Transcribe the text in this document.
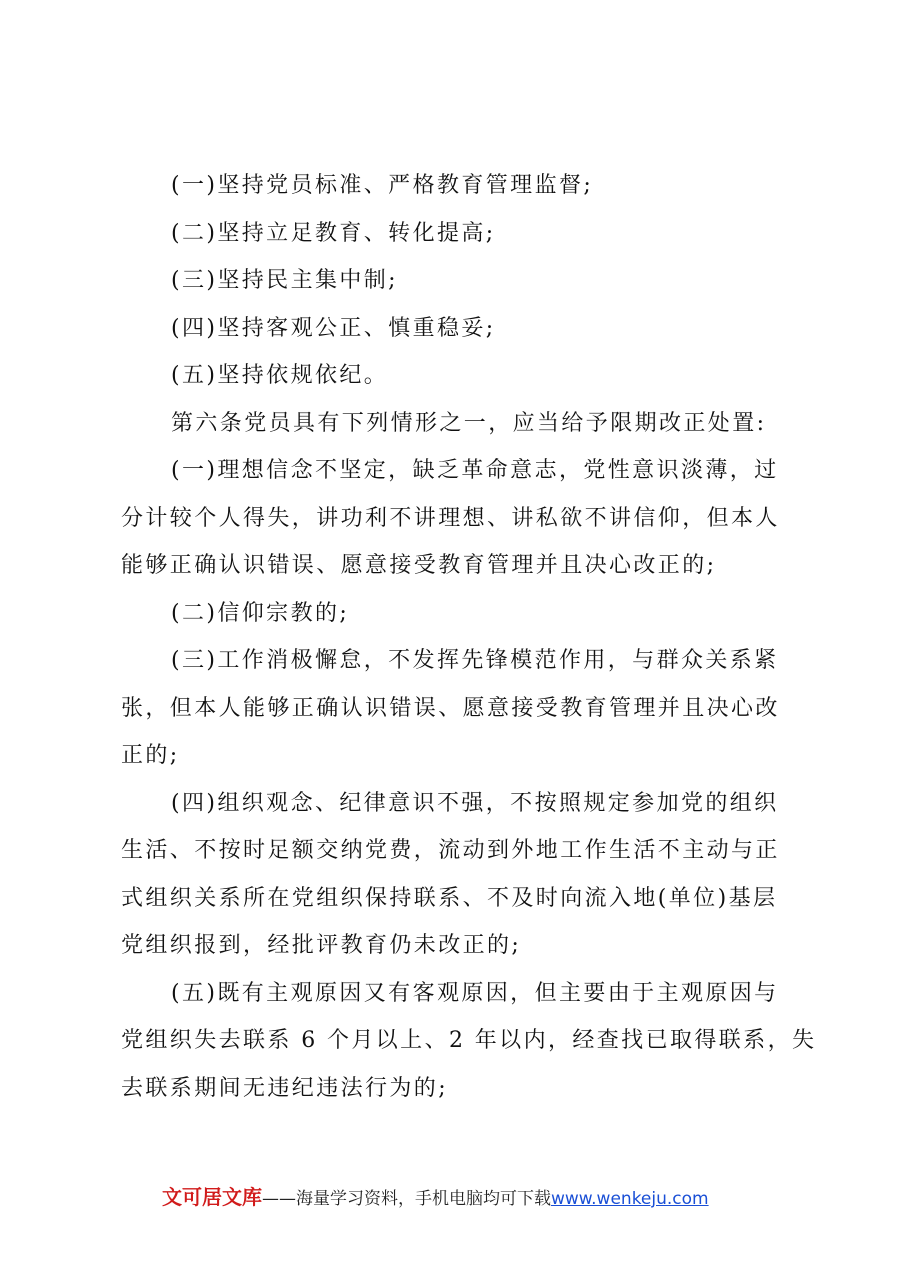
(一)坚持党员标准、严格教育管理监督;
(二)坚持立足教育、转化提高;
(三)坚持民主集中制;
(四)坚持客观公正、慎重稳妥;
(五)坚持依规依纪。
第六条党员具有下列情形之一，应当给予限期改正处置:
(一)理想信念不坚定，缺乏革命意志，党性意识淡薄，过
分计较个人得失，讲功利不讲理想、讲私欲不讲信仰，但本人
能够正确认识错误、愿意接受教育管理并且决心改正的;
(二)信仰宗教的;
(三)工作消极懈怠，不发挥先锋模范作用，与群众关系紧
张，但本人能够正确认识错误、愿意接受教育管理并且决心改
正的;
(四)组织观念、纪律意识不强，不按照规定参加党的组织
生活、不按时足额交纳党费，流动到外地工作生活不主动与正
式组织关系所在党组织保持联系、不及时向流入地(单位)基层
党组织报到，经批评教育仍未改正的;
(五)既有主观原因又有客观原因，但主要由于主观原因与
党组织失去联系 6 个月以上、2 年以内，经查找已取得联系，失
去联系期间无违纪违法行为的;
文可居文库——海量学习资料，手机电脑均可下载www.wenkeju.com
